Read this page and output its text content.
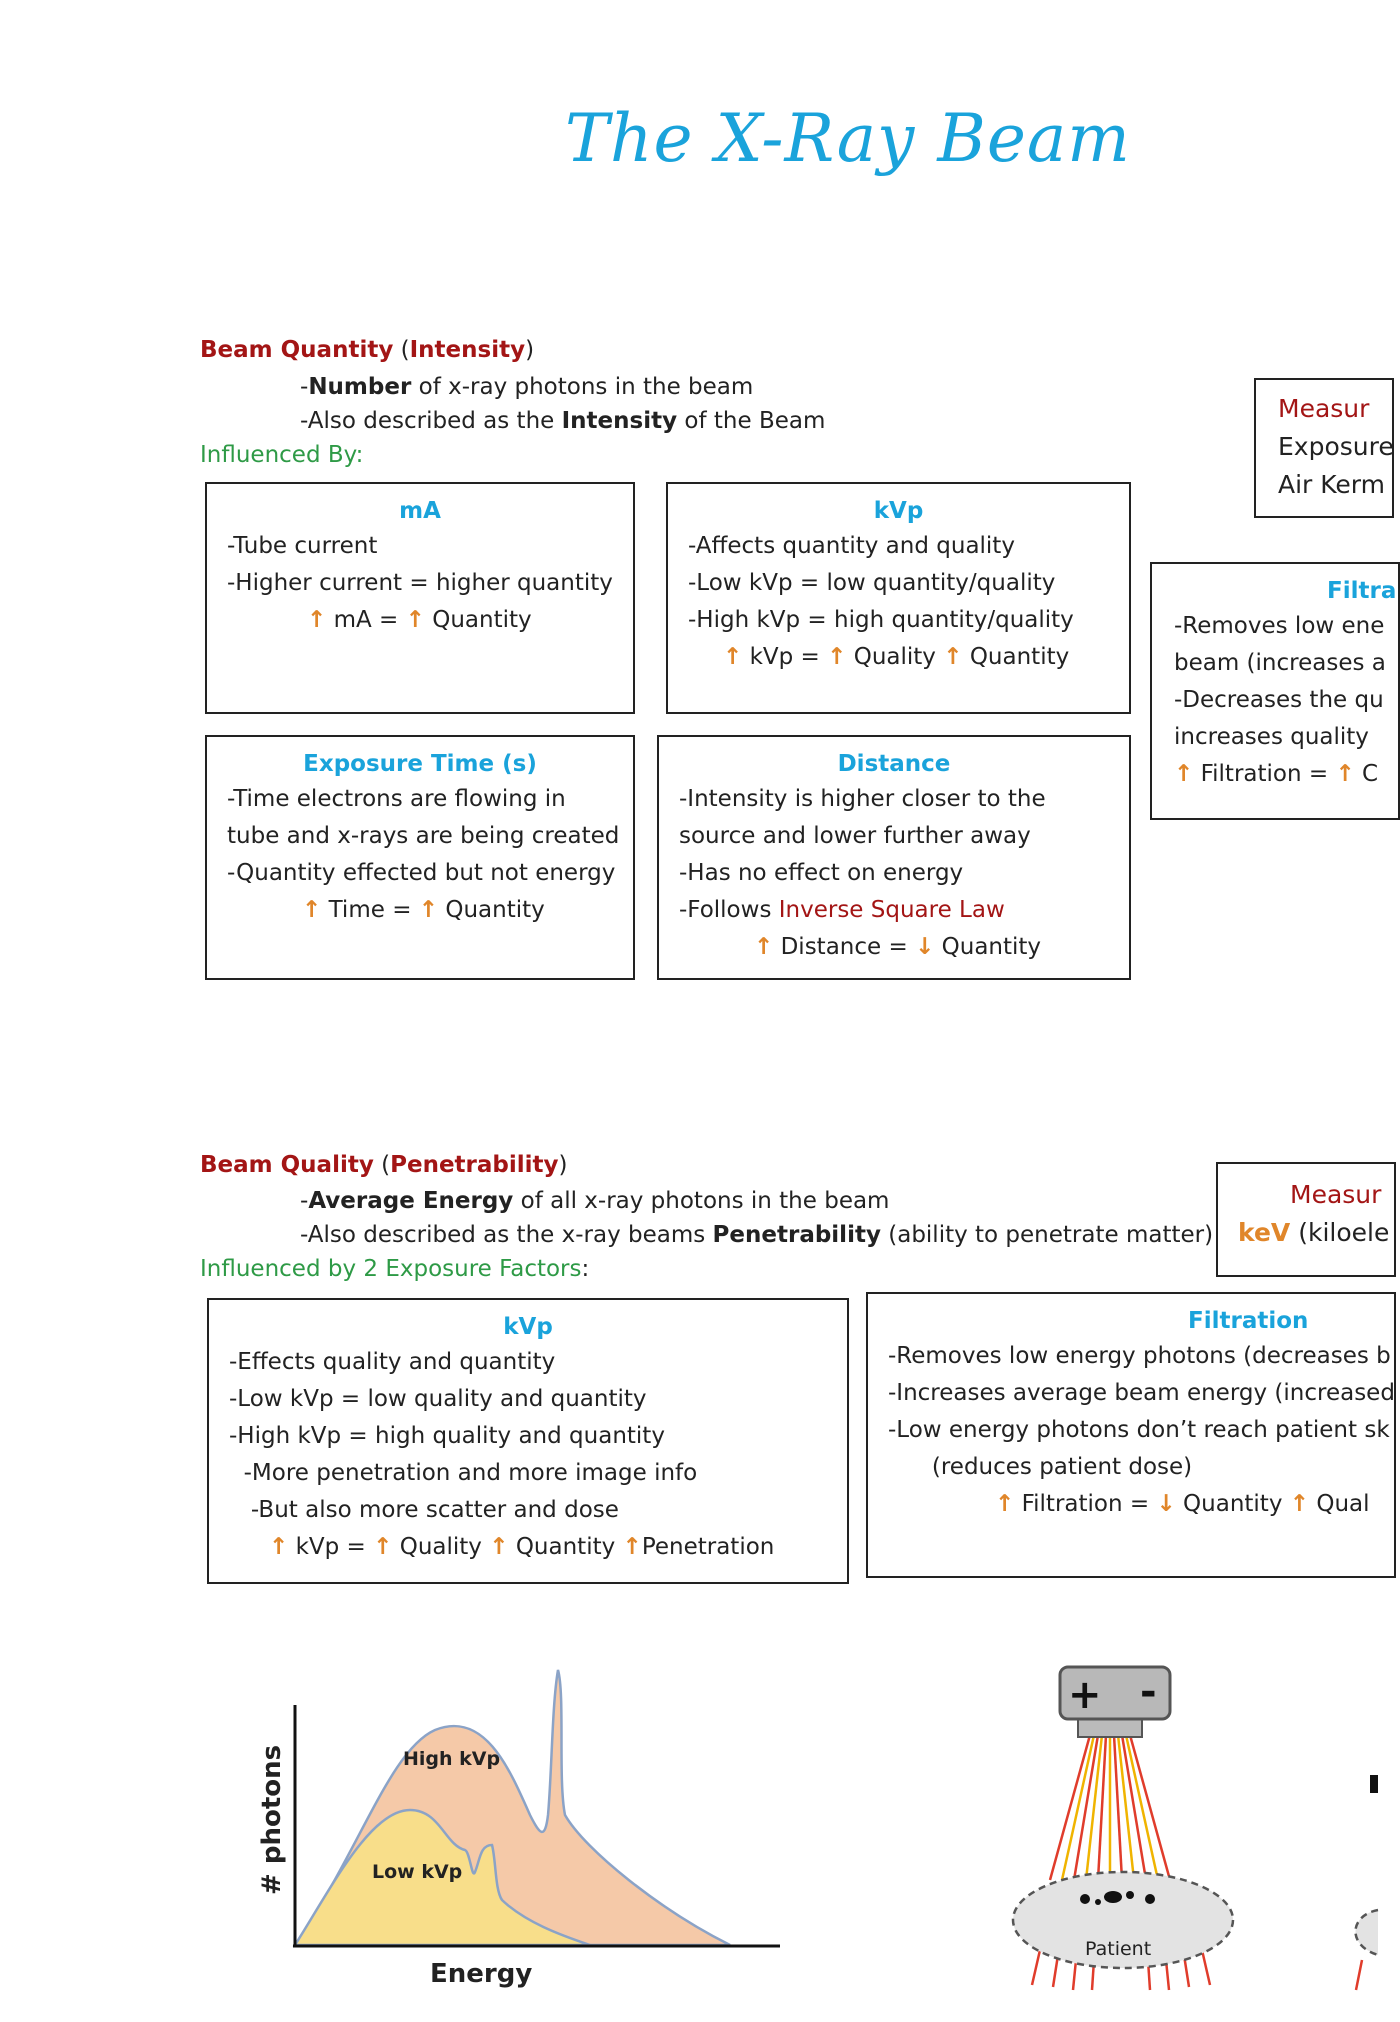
The X-Ray Beam
Beam Quantity (Intensity)
-Number of x-ray photons in the beam
-Also described as the Intensity of the Beam
Influenced By:
Measur
Exposure
Air Kerm
Filtra
-Removes low ene
beam (increases a
-Decreases the qu
increases quality
↑ Filtration = ↑ C
mA
-Tube current
-Higher current = higher quantity
↑ mA = ↑ Quantity
kVp
-Affects quantity and quality
-Low kVp = low quantity/quality
-High kVp = high quantity/quality
↑ kVp = ↑ Quality ↑ Quantity
Exposure Time (s)
-Time electrons are flowing in
tube and x-rays are being created
-Quantity effected but not energy
↑ Time = ↑ Quantity
Distance
-Intensity is higher closer to the
source and lower further away
-Has no effect on energy
-Follows Inverse Square Law
↑ Distance = ↓ Quantity
Beam Quality (Penetrability)
-Average Energy of all x-ray photons in the beam
-Also described as the x-ray beams Penetrability (ability to penetrate matter)
Influenced by 2 Exposure Factors:
Measur
keV (kiloele
kVp
-Effects quality and quantity
-Low kVp = low quality and quantity
-High kVp = high quality and quantity
-More penetration and more image info
-But also more scatter and dose
↑ kVp = ↑ Quality ↑ Quantity ↑Penetration
Filtration
-Removes low energy photons (decreases b
-Increases average beam energy (increased
-Low energy photons don’t reach patient sk
(reduces patient dose)
↑ Filtration = ↓ Quantity ↑ Qual
High kVp
Low kVp
Energy
# photons
+ -
Patient
